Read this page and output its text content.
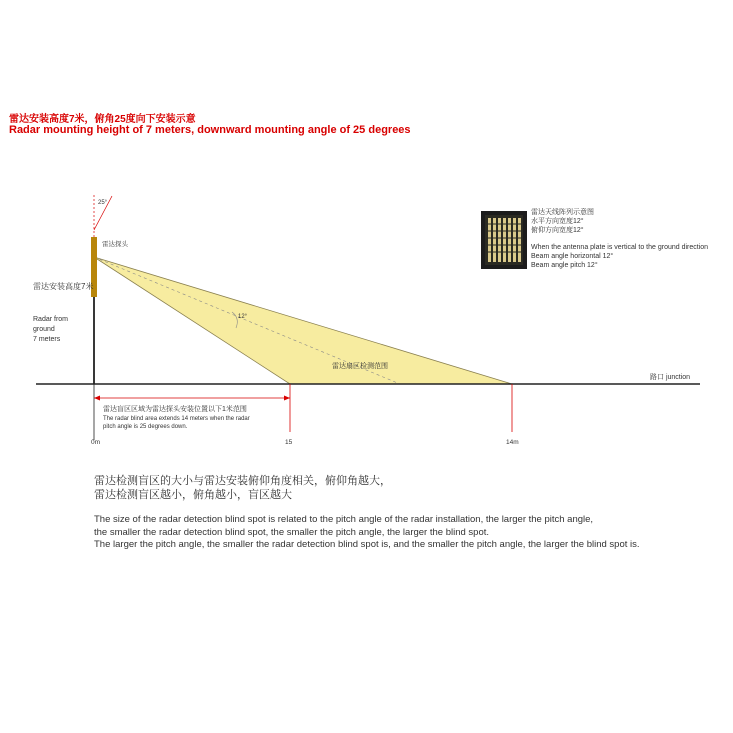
雷达安装高度7米，俯角25度向下安装示意
Radar mounting height of 7 meters, downward mounting angle of 25 degrees
12°
25°
雷达探头
雷达安装高度7米
Radar from
ground
7 meters
雷达扇区检测范围
路口 junction
雷达盲区区域为雷达探头安装位置以下1米范围
The radar blind area extends 14 meters when the radar
pitch angle is 25 degrees down.
0m	15	14m
雷达天线阵列示意图
水平方向宽度12°
俯仰方向宽度12°
When the antenna plate is vertical to the ground direction
Beam angle horizontal 12°
Beam angle pitch 12°
雷达检测盲区的大小与雷达安装俯仰角度相关，俯仰角越大，
雷达检测盲区越小，俯角越小，盲区越大
The size of the radar detection blind spot is related to the pitch angle of the radar installation, the larger the pitch angle,
the smaller the radar detection blind spot, the smaller the pitch angle, the larger the blind spot.
The larger the pitch angle, the smaller the radar detection blind spot is, and the smaller the pitch angle, the larger the blind spot is.
